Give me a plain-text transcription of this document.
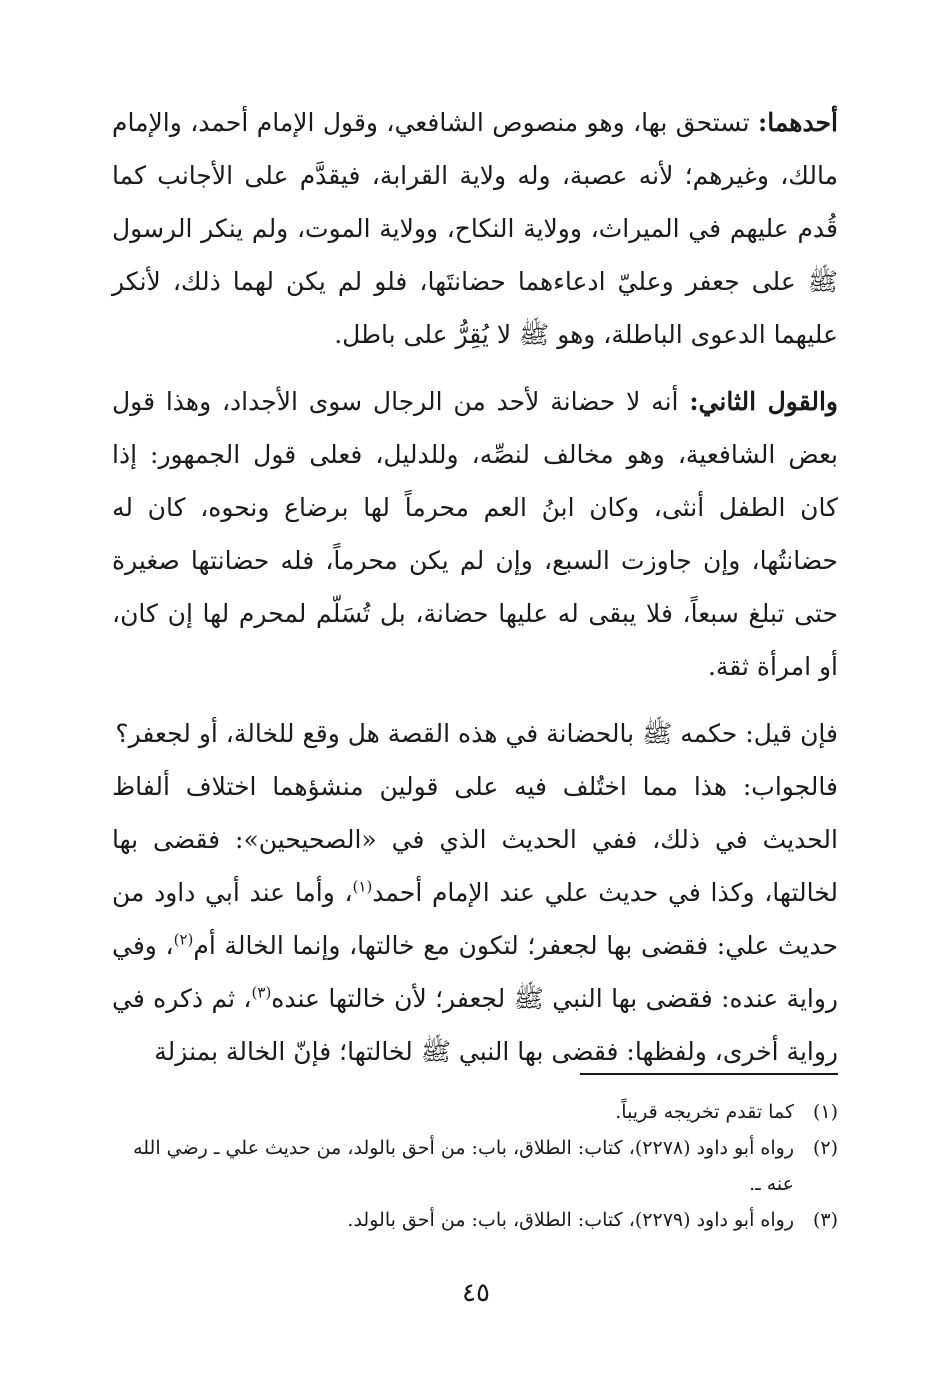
أحدهما: تستحق بها، وهو منصوص الشافعي، وقول الإمام أحمد، والإمام مالك، وغيرهم؛ لأنه عصبة، وله ولاية القرابة، فيقدَّم على الأجانب كما قُدم عليهم في الميراث، وولاية النكاح، وولاية الموت، ولم ينكر الرسول ﷺ على جعفر وعليّ ادعاءهما حضانتَها، فلو لم يكن لهما ذلك، لأنكر عليهما الدعوى الباطلة، وهو ﷺ لا يُقِرُّ على باطل.

والقول الثاني: أنه لا حضانة لأحد من الرجال سوى الأجداد، وهذا قول بعض الشافعية، وهو مخالف لنصِّه، وللدليل، فعلى قول الجمهور: إذا كان الطفل أنثى، وكان ابنُ العم محرماً لها برضاع ونحوه، كان له حضانتُها، وإن جاوزت السبع، وإن لم يكن محرماً، فله حضانتها صغيرة حتى تبلغ سبعاً، فلا يبقى له عليها حضانة، بل تُسَلّم لمحرم لها إن كان، أو امرأة ثقة.

فإن قيل: حكمه ﷺ بالحضانة في هذه القصة هل وقع للخالة، أو لجعفر؟

فالجواب: هذا مما اختُلف فيه على قولين منشؤهما اختلاف ألفاظ الحديث في ذلك، ففي الحديث الذي في «الصحيحين»: فقضى بها لخالتها، وكذا في حديث علي عند الإمام أحمد$^{(١)}$، وأما عند أبي داود من حديث علي: فقضى بها لجعفر؛ لتكون مع خالتها، وإنما الخالة أم$^{(٢)}$، وفي رواية عنده: فقضى بها النبي ﷺ لجعفر؛ لأن خالتها عنده$^{(٣)}$، ثم ذكره في رواية أخرى، ولفظها: فقضى بها النبي ﷺ لخالتها؛ فإنّ الخالة بمنزلة

(١)
كما تقدم تخريجه قريباً.

(٢)
رواه أبو داود (٢٢٧٨)، كتاب: الطلاق، باب: من أحق بالولد، من حديث علي ـ رضي الله عنه ـ.

(٣)
رواه أبو داود (٢٢٧٩)، كتاب: الطلاق، باب: من أحق بالولد.

٤٥
